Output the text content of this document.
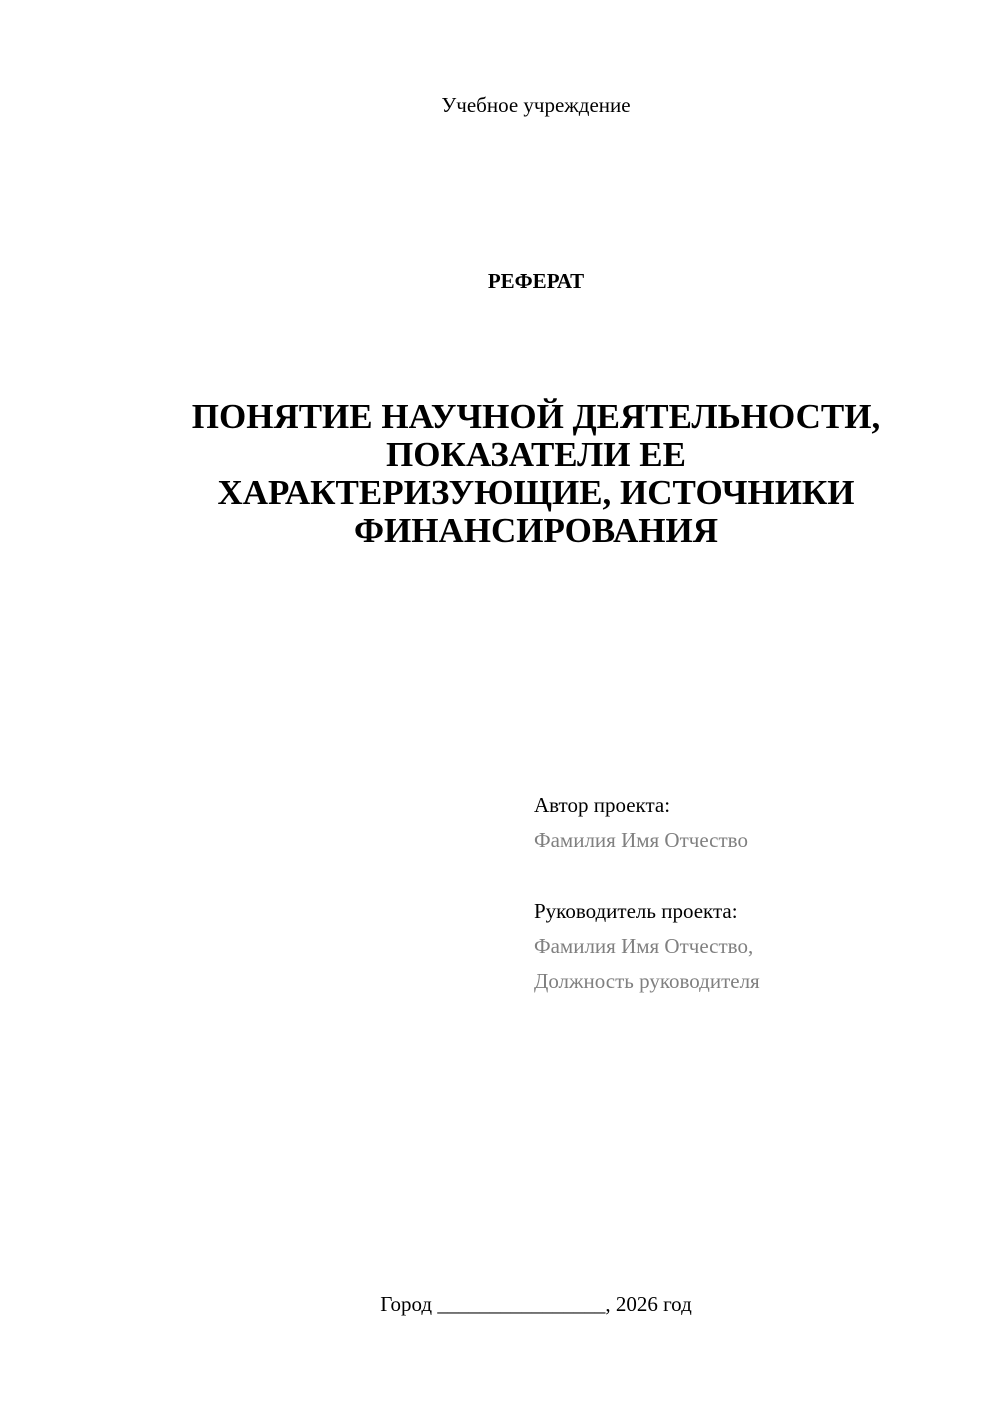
Учебное учреждение
РЕФЕРАТ
ПОНЯТИЕ НАУЧНОЙ ДЕЯТЕЛЬНОСТИ,
ПОКАЗАТЕЛИ ЕЕ
ХАРАКТЕРИЗУЮЩИЕ, ИСТОЧНИКИ
ФИНАНСИРОВАНИЯ
Автор проекта:
Фамилия Имя Отчество
Руководитель проекта:
Фамилия Имя Отчество,
Должность руководителя
Город ________________, 2026 год
